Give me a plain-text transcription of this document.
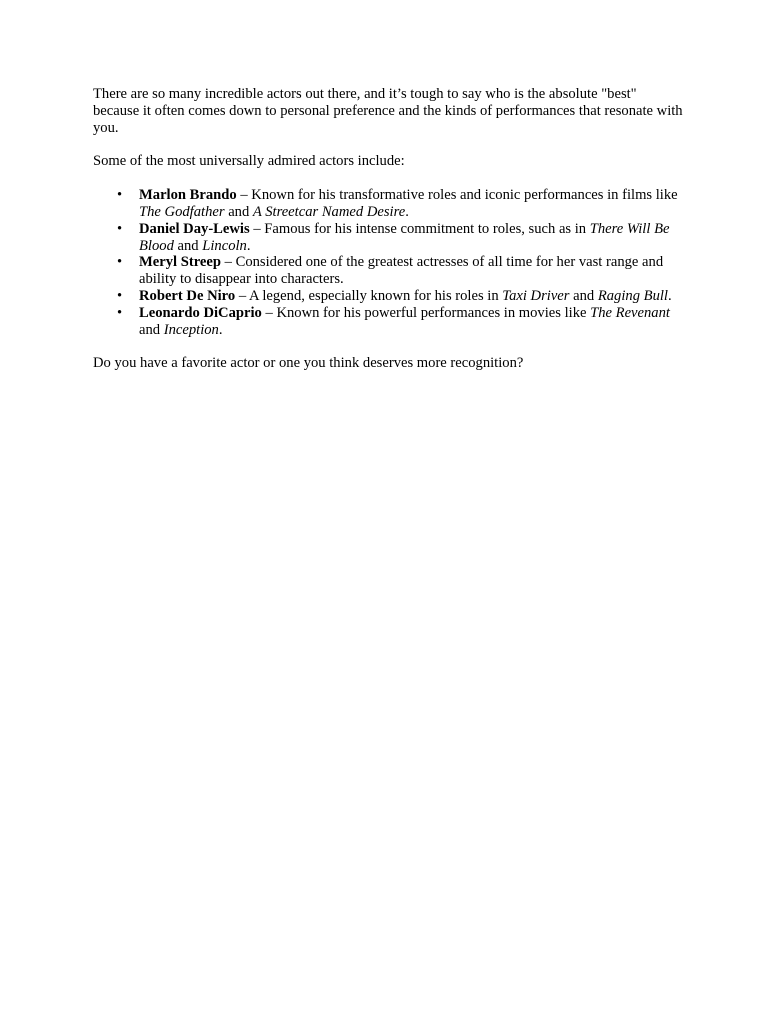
There are so many incredible actors out there, and it’s tough to say who is the absolute "best" because it often comes down to personal preference and the kinds of performances that resonate with you.

Some of the most universally admired actors include:

• Marlon Brando – Known for his transformative roles and iconic performances in films like The Godfather and A Streetcar Named Desire.
• Daniel Day-Lewis – Famous for his intense commitment to roles, such as in There Will Be Blood and Lincoln.
• Meryl Streep – Considered one of the greatest actresses of all time for her vast range and ability to disappear into characters.
• Robert De Niro – A legend, especially known for his roles in Taxi Driver and Raging Bull.
• Leonardo DiCaprio – Known for his powerful performances in movies like The Revenant and Inception.

Do you have a favorite actor or one you think deserves more recognition?
